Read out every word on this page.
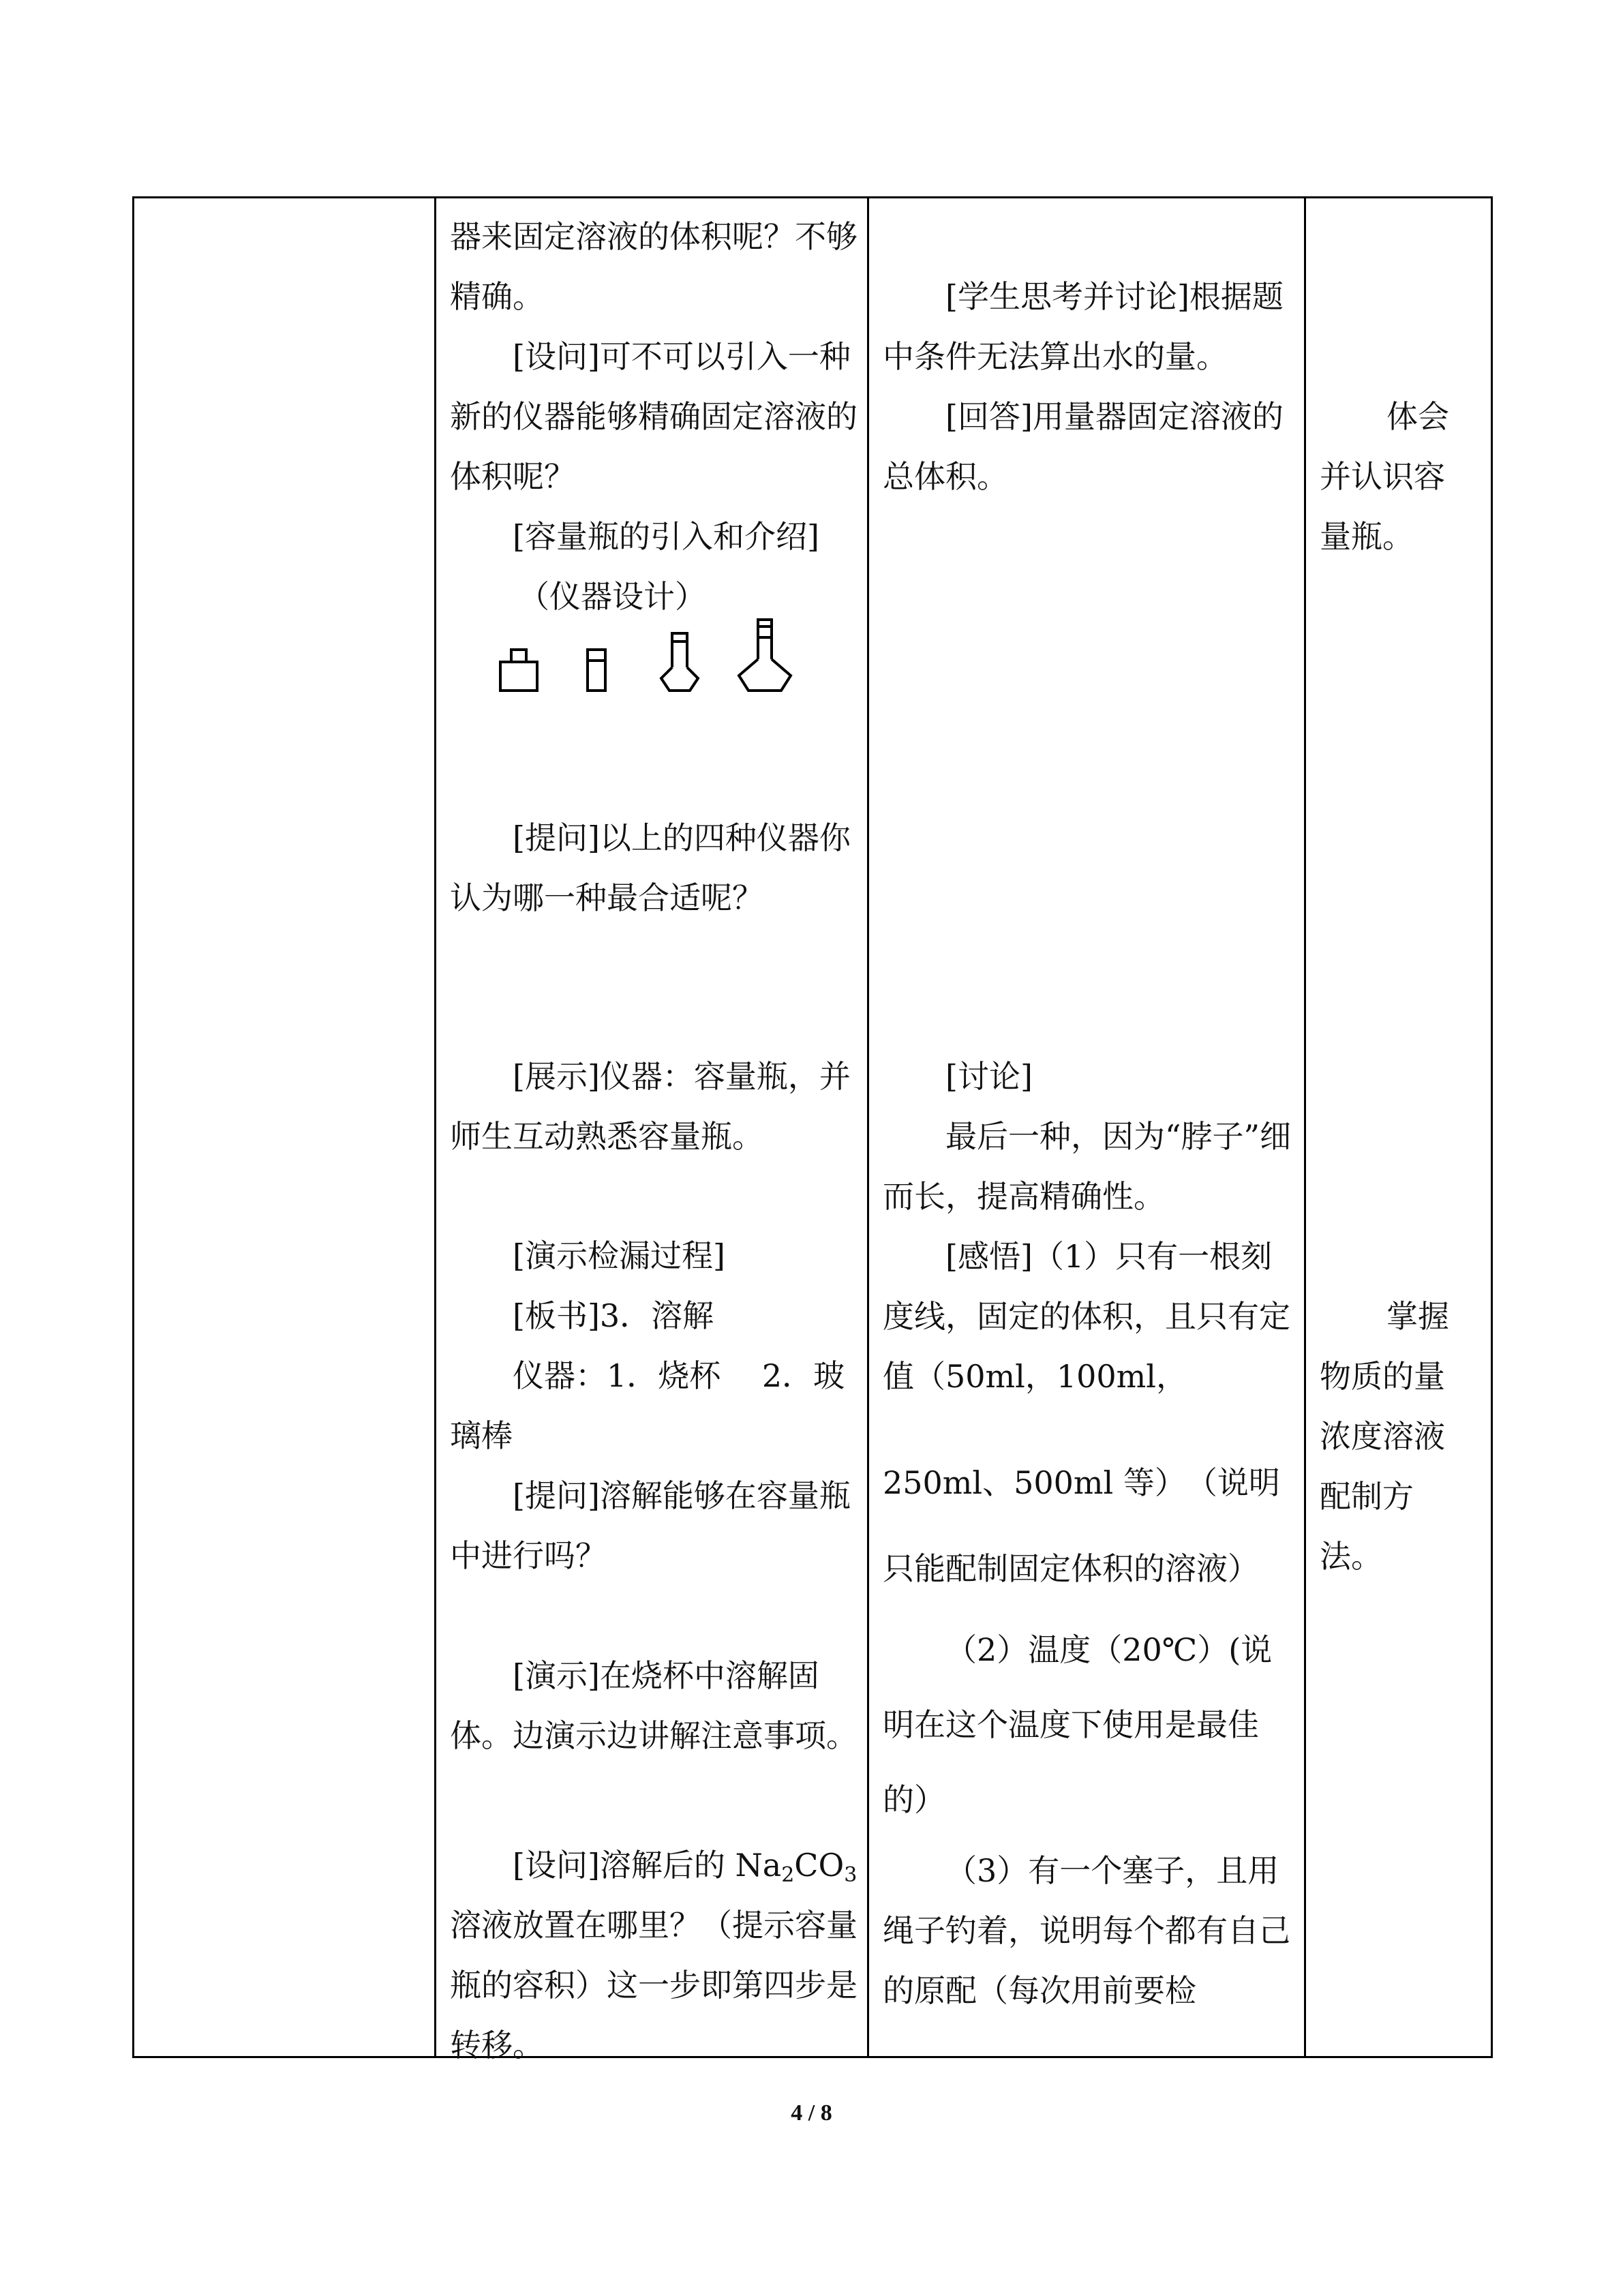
器来固定溶液的体积呢？不够精确。

[设问]可不可以引入一种新的仪器能够精确固定溶液的体积呢？

[容量瓶的引入和介绍]

（仪器设计）

[提问]以上的四种仪器你认为哪一种最合适呢？

[展示]仪器：容量瓶，并师生互动熟悉容量瓶。

[演示检漏过程]

[板书]3．溶解

仪器：1．烧杯　 2．玻璃棒

[提问]溶解能够在容量瓶中进行吗？

[演示]在烧杯中溶解固体。边演示边讲解注意事项。

[设问]溶解后的 $Na_2CO_3$溶液放置在哪里？（提示容量瓶的容积）这一步即第四步是转移。

[学生思考并讨论]根据题中条件无法算出水的量。

[回答]用量器固定溶液的总体积。

[讨论]

最后一种，因为“脖子”细而长，提高精确性。

[感悟]（1）只有一根刻度线，固定的体积，且只有定值（50ml，100ml，

250ml、500ml 等）　（说明只能配制固定体积的溶液）

（2）温度（20℃）(说明在这个温度下使用是最佳的）

（3）有一个塞子，且用绳子钓着，说明每个都有自己的原配（每次用前要检

体会并认识容量瓶。

掌握物质的量浓度溶液配制方法。

4 / 8
